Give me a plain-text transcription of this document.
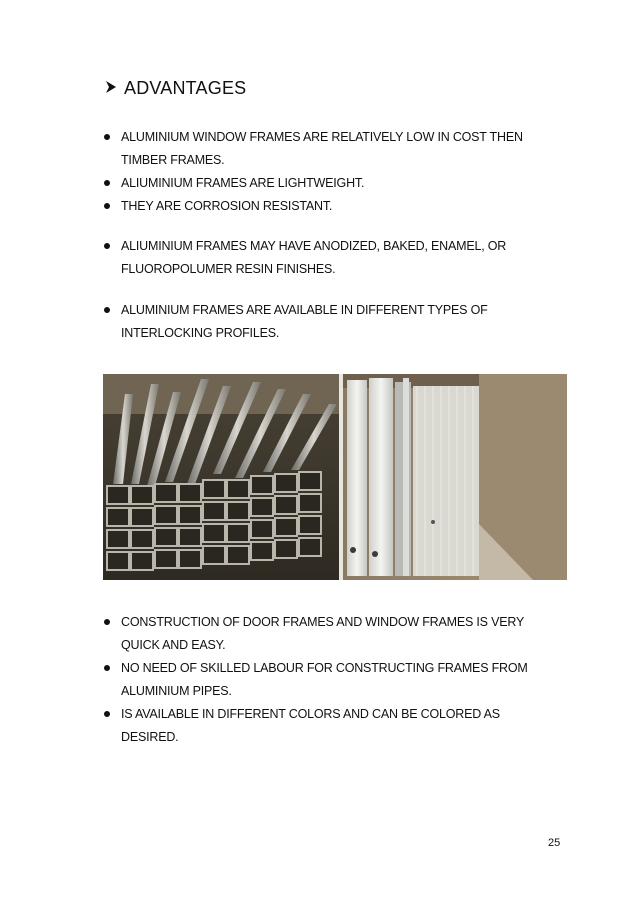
ADVANTAGES
ALUMINIUM WINDOW FRAMES ARE RELATIVELY LOW IN COST THEN TIMBER FRAMES.
ALIUMINIUM FRAMES ARE LIGHTWEIGHT.
THEY ARE CORROSION RESISTANT.
ALIUMINIUM FRAMES MAY HAVE ANODIZED, BAKED, ENAMEL, OR FLUOROPOLUMER RESIN FINISHES.
ALUMINIUM FRAMES ARE AVAILABLE IN DIFFERENT TYPES OF INTERLOCKING PROFILES.
CONSTRUCTION OF DOOR FRAMES AND WINDOW FRAMES IS VERY QUICK AND EASY.
NO NEED OF SKILLED LABOUR FOR CONSTRUCTING FRAMES FROM ALUMINIUM PIPES.
IS AVAILABLE IN DIFFERENT COLORS AND CAN BE COLORED AS DESIRED.
25
